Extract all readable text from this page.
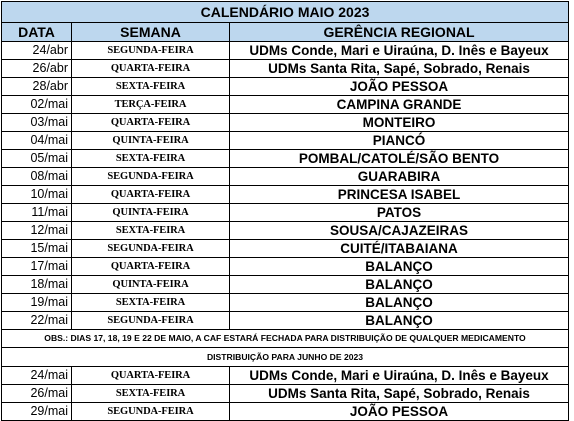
CALENDÁRIO MAIO 2023		
DATA	SEMANA	GERÊNCIA REGIONAL
24/abr	SEGUNDA-FEIRA	UDMs Conde, Mari e Uiraúna, D. Inês e Bayeux
26/abr	QUARTA-FEIRA	UDMs Santa Rita, Sapé, Sobrado, Renais
28/abr	SEXTA-FEIRA	JOÃO PESSOA
02/mai	TERÇA-FEIRA	CAMPINA GRANDE
03/mai	QUARTA-FEIRA	MONTEIRO
04/mai	QUINTA-FEIRA	PIANCÓ
05/mai	SEXTA-FEIRA	POMBAL/CATOLÉ/SÃO BENTO
08/mai	SEGUNDA-FEIRA	GUARABIRA
10/mai	QUARTA-FEIRA	PRINCESA ISABEL
11/mai	QUINTA-FEIRA	PATOS
12/mai	SEXTA-FEIRA	SOUSA/CAJAZEIRAS
15/mai	SEGUNDA-FEIRA	CUITÉ/ITABAIANA
17/mai	QUARTA-FEIRA	BALANÇO
18/mai	QUINTA-FEIRA	BALANÇO
19/mai	SEXTA-FEIRA	BALANÇO
22/mai	SEGUNDA-FEIRA	BALANÇO
OBS.: DIAS 17, 18, 19 E 22 DE MAIO, A CAF ESTARÁ FECHADA PARA DISTRIBUIÇÃO DE QUALQUER MEDICAMENTO		
DISTRIBUIÇÃO PARA JUNHO DE 2023		
24/mai	QUARTA-FEIRA	UDMs Conde, Mari e Uiraúna, D. Inês e Bayeux
26/mai	SEXTA-FEIRA	UDMs Santa Rita, Sapé, Sobrado, Renais
29/mai	SEGUNDA-FEIRA	JOÃO PESSOA
